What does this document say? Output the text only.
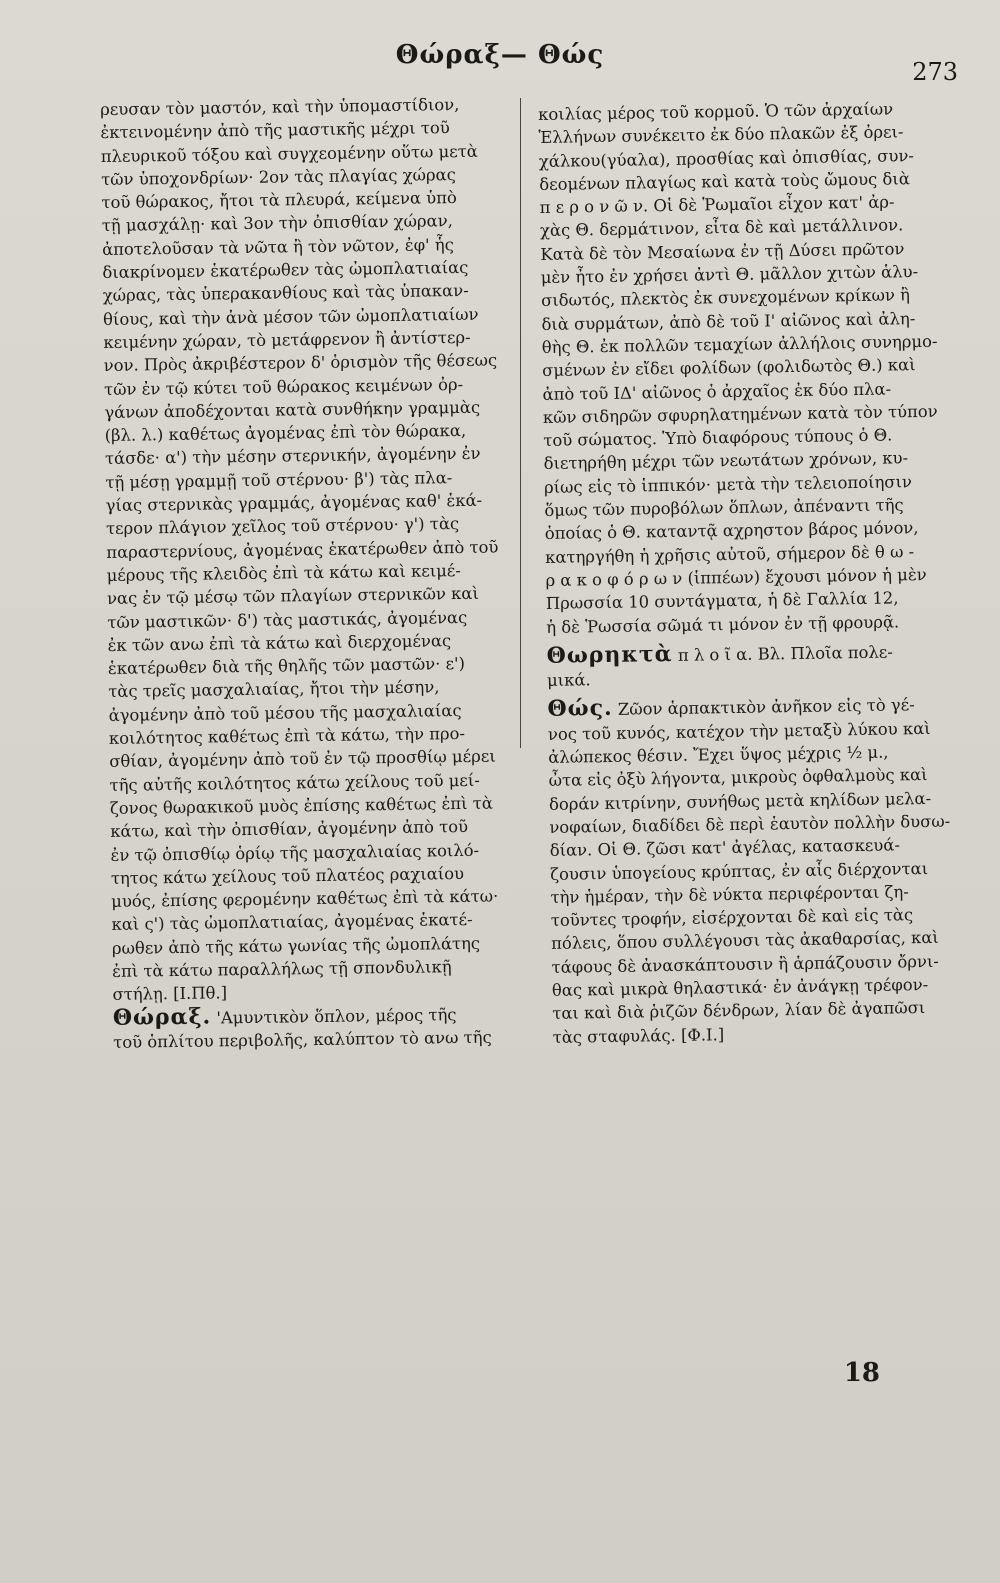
Θώραξ— Θώς
273
ρευσαν τὸν μαστόν, καὶ τὴν ὑπομαστίδιον,
ἐκτεινομένην ἀπὸ τῆς μαστικῆς μέχρι τοῦ
πλευρικοῦ τόξου καὶ συγχεομένην οὕτω μετὰ
τῶν ὑποχονδρίων· 2ον τὰς πλαγίας χώρας
τοῦ θώρακος, ἤτοι τὰ πλευρά, κείμενα ὑπὸ
τῇ μασχάλῃ· καὶ 3ον τὴν ὀπισθίαν χώραν,
ἀποτελοῦσαν τὰ νῶτα ἢ τὸν νῶτον, ἐφ' ἧς
διακρίνομεν ἑκατέρωθεν τὰς ὠμοπλατιαίας
χώρας, τὰς ὑπερακανθίους καὶ τὰς ὑπακαν-
θίους, καὶ τὴν ἀνὰ μέσον τῶν ὠμοπλατιαίων
κειμένην χώραν, τὸ μετάφρενον ἢ ἀντίστερ-
νον. Πρὸς ἀκριβέστερον δ' ὁρισμὸν τῆς θέσεως
τῶν ἐν τῷ κύτει τοῦ θώρακος κειμένων ὀρ-
γάνων ἀποδέχονται κατὰ συνθήκην γραμμὰς
(βλ. λ.) καθέτως ἀγομένας ἐπὶ τὸν θώρακα,
τάσδε· α') τὴν μέσην στερνικήν, ἀγομένην ἐν
τῇ μέσῃ γραμμῇ τοῦ στέρνου· β') τὰς πλα-
γίας στερνικὰς γραμμάς, ἀγομένας καθ' ἑκά-
τερον πλάγιον χεῖλος τοῦ στέρνου· γ') τὰς
παραστερνίους, ἀγομένας ἑκατέρωθεν ἀπὸ τοῦ
μέρους τῆς κλειδὸς ἐπὶ τὰ κάτω καὶ κειμέ-
νας ἐν τῷ μέσῳ τῶν πλαγίων στερνικῶν καὶ
τῶν μαστικῶν· δ') τὰς μαστικάς, ἀγομένας
ἐκ τῶν ανω ἐπὶ τὰ κάτω καὶ διερχομένας
ἑκατέρωθεν διὰ τῆς θηλῆς τῶν μαστῶν· ε')
τὰς τρεῖς μασχαλιαίας, ἤτοι τὴν μέσην,
ἀγομένην ἀπὸ τοῦ μέσου τῆς μασχαλιαίας
κοιλότητος καθέτως ἐπὶ τὰ κάτω, τὴν προ-
σθίαν, ἀγομένην ἀπὸ τοῦ ἐν τῷ προσθίῳ μέρει
τῆς αὐτῆς κοιλότητος κάτω χείλους τοῦ μεί-
ζονος θωρακικοῦ μυὸς ἐπίσης καθέτως ἐπὶ τὰ
κάτω, καὶ τὴν ὀπισθίαν, ἀγομένην ἀπὸ τοῦ
ἐν τῷ ὀπισθίῳ ὁρίῳ τῆς μασχαλιαίας κοιλό-
τητος κάτω χείλους τοῦ πλατέος ραχιαίου
μυός, ἐπίσης φερομένην καθέτως ἐπὶ τὰ κάτω·
καὶ ς') τὰς ὠμοπλατιαίας, ἀγομένας ἑκατέ-
ρωθεν ἀπὸ τῆς κάτω γωνίας τῆς ὠμοπλάτης
ἐπὶ τὰ κάτω παραλλήλως τῇ σπονδυλικῇ
στήλῃ. [Ι.Πθ.]
Θώραξ. 'Αμυντικὸν ὅπλον, μέρος τῆς
τοῦ ὁπλίτου περιβολῆς, καλύπτον τὸ ανω τῆς
κοιλίας μέρος τοῦ κορμοῦ. Ὁ τῶν ἀρχαίων
Ἑλλήνων συνέκειτο ἐκ δύο πλακῶν ἐξ ὀρει-
χάλκου(γύαλα), προσθίας καὶ ὀπισθίας, συν-
δεομένων πλαγίως καὶ κατὰ τοὺς ὤμους διὰ
π ε ρ ο ν ῶ ν. Οἱ δὲ Ῥωμαῖοι εἶχον κατ' ἀρ-
χὰς Θ. δερμάτινον, εἶτα δὲ καὶ μετάλλινον.
Κατὰ δὲ τὸν Μεσαίωνα ἐν τῇ Δύσει πρῶτον
μὲν ἦτο ἐν χρήσει ἀντὶ Θ. μᾶλλον χιτὼν ἁλυ-
σιδωτός, πλεκτὸς ἐκ συνεχομένων κρίκων ἢ
διὰ συρμάτων, ἀπὸ δὲ τοῦ Ι' αἰῶνος καὶ ἀλη-
θὴς Θ. ἐκ πολλῶν τεμαχίων ἀλλήλοις συνηρμο-
σμένων ἐν εἴδει φολίδων (φολιδωτὸς Θ.) καὶ
ἀπὸ τοῦ ΙΔ' αἰῶνος ὁ ἀρχαῖος ἐκ δύο πλα-
κῶν σιδηρῶν σφυρηλατημένων κατὰ τὸν τύπον
τοῦ σώματος. Ὑπὸ διαφόρους τύπους ὁ Θ.
διετηρήθη μέχρι τῶν νεωτάτων χρόνων, κυ-
ρίως εἰς τὸ ἱππικόν· μετὰ τὴν τελειοποίησιν
ὅμως τῶν πυροβόλων ὅπλων, ἀπέναντι τῆς
ὁποίας ὁ Θ. καταντᾷ αχρηστον βάρος μόνον,
κατηργήθη ἡ χρῆσις αὐτοῦ, σήμερον δὲ θ ω -
ρ α κ ο φ ό ρ ω ν (ἱππέων) ἔχουσι μόνον ἡ μὲν
Πρωσσία 10 συντάγματα, ἡ δὲ Γαλλία 12,
ἡ δὲ Ῥωσσία σῶμά τι μόνον ἐν τῇ φρουρᾷ.
Θωρηκτὰ π λ ο ῖ α. Βλ. Πλοῖα πολε-
μικά.
Θώς. Ζῶον ἁρπακτικὸν ἀνῆκον εἰς τὸ γέ-
νος τοῦ κυνός, κατέχον τὴν μεταξὺ λύκου καὶ
ἀλώπεκος θέσιν. Ἔχει ὕψος μέχρις ½ μ.,
ὦτα εἰς ὀξὺ λήγοντα, μικροὺς ὀφθαλμοὺς καὶ
δοράν κιτρίνην, συνήθως μετὰ κηλίδων μελα-
νοφαίων, διαδίδει δὲ περὶ ἑαυτὸν πολλὴν δυσω-
δίαν. Οἱ Θ. ζῶσι κατ' ἀγέλας, κατασκευά-
ζουσιν ὑπογείους κρύπτας, ἐν αἷς διέρχονται
τὴν ἡμέραν, τὴν δὲ νύκτα περιφέρονται ζη-
τοῦντες τροφήν, εἰσέρχονται δὲ καὶ εἰς τὰς
πόλεις, ὅπου συλλέγουσι τὰς ἀκαθαρσίας, καὶ
τάφους δὲ ἀνασκάπτουσιν ἢ ἁρπάζουσιν ὄρνι-
θας καὶ μικρὰ θηλαστικά· ἐν ἀνάγκῃ τρέφον-
ται καὶ διὰ ῥιζῶν δένδρων, λίαν δὲ ἀγαπῶσι
τὰς σταφυλάς. [Φ.Ι.]
18
